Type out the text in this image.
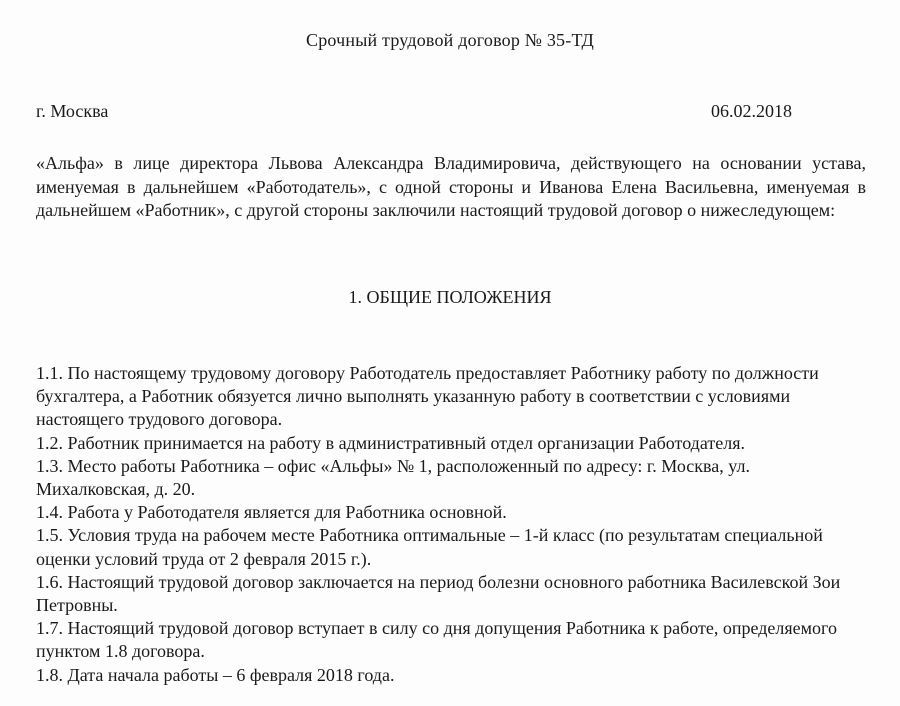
Срочный трудовой договор № 35-ТД
г. Москва	06.02.2018
«Альфа» в лице директора Львова Александра Владимировича, действующего на основании устава, именуемая в дальнейшем «Работодатель», с одной стороны и Иванова Елена Васильевна, именуемая в дальнейшем «Работник», с другой стороны заключили настоящий трудовой договор о нижеследующем:
1. ОБЩИЕ ПОЛОЖЕНИЯ

1.1. По настоящему трудовому договору Работодатель предоставляет Работнику работу по должности бухгалтера, а Работник обязуется лично выполнять указанную работу в соответствии с условиями настоящего трудового договора.

1.2. Работник принимается на работу в административный отдел организации Работодателя.

1.3. Место работы Работника – офис «Альфы» № 1, расположенный по адресу: г. Москва, ул. Михалковская, д. 20.

1.4. Работа у Работодателя является для Работника основной.

1.5. Условия труда на рабочем месте Работника оптимальные – 1-й класс (по результатам специальной оценки условий труда от 2 февраля 2015 г.).

1.6. Настоящий трудовой договор заключается на период болезни основного работника Василевской Зои Петровны.

1.7. Настоящий трудовой договор вступает в силу со дня допущения Работника к работе, определяемого пунктом 1.8 договора.

1.8. Дата начала работы – 6 февраля 2018 года.
